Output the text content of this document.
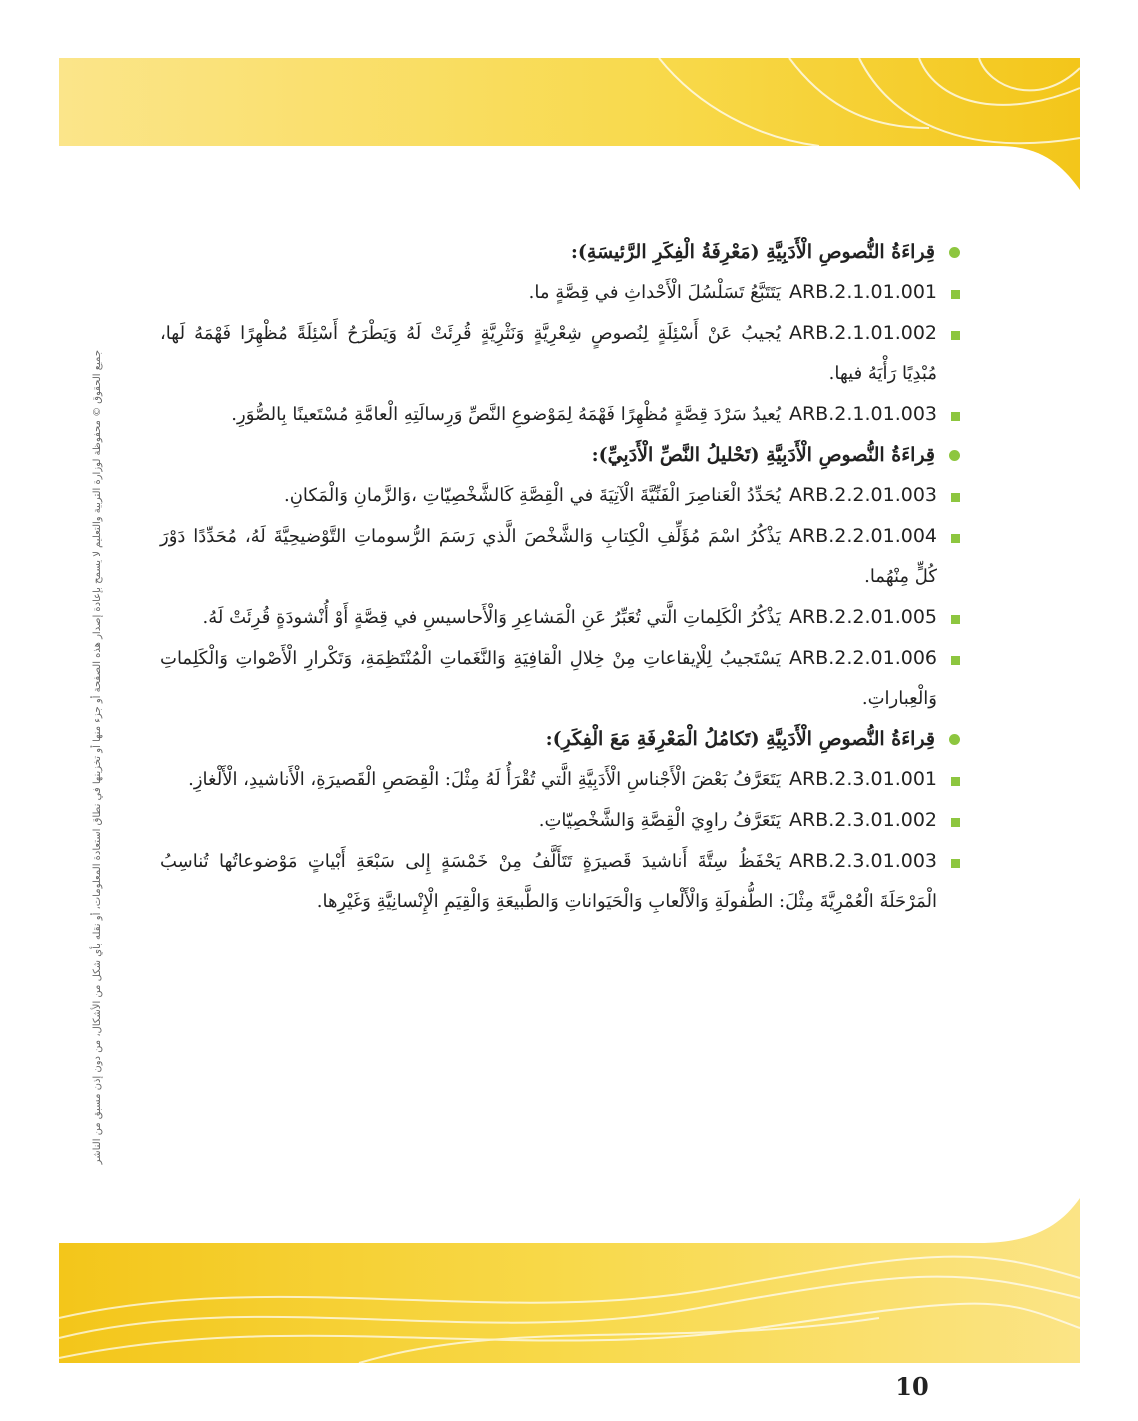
10
جميع الحقوق © محفوظة لوزارة التربية والتعليم لا يسمح بإعادة إصدار هذه الصفحة أو جزء منها أو تخزينها في نطاق استعادة المعلومات، أو نقله بأي شكل من الأشكال، من دون إذن مسبق من الناشر
قِراءَةُ النُّصوصِ الْأَدَبِيَّةِ (مَعْرِفَةُ الْفِكَرِ الرَّئيسَةِ):
ARB.2.1.01.001يَتَتَبَّعُ تَسَلْسُلَ الْأَحْداثِ في قِصَّةٍ ما.
ARB.2.1.01.002يُجيبُ عَنْ أَسْئِلَةٍ لِنُصوصٍ شِعْرِيَّةٍ وَنَثْرِيَّةٍ قُرِئَتْ لَهُ وَيَطْرَحُ أَسْئِلَةً مُظْهِرًا فَهْمَهُ لَها، مُبْدِيًا رَأْيَهُ فيها.
ARB.2.1.01.003يُعيدُ سَرْدَ قِصَّةٍ مُظْهِرًا فَهْمَهُ لِمَوْضوعِ النَّصِّ وَرِسالَتِهِ الْعامَّةِ مُسْتَعينًا بِالصُّوَرِ.
قِراءَةُ النُّصوصِ الْأَدَبِيَّةِ (تَحْليلُ النَّصِّ الْأَدَبِيِّ):
ARB.2.2.01.003يُحَدِّدُ الْعَناصِرَ الْفَنِّيَّةَ الْآتِيَةَ في الْقِصَّةِ كَالشَّخْصِيّاتِ ،وَالزَّمانِ وَالْمَكانِ.
ARB.2.2.01.004يَذْكُرُ اسْمَ مُؤَلِّفِ الْكِتابِ وَالشَّخْصَ الَّذي رَسَمَ الرُّسوماتِ التَّوْضيحِيَّةَ لَهُ، مُحَدِّدًا دَوْرَ كُلٍّ مِنْهُما.
ARB.2.2.01.005يَذْكُرُ الْكَلِماتِ الَّتي تُعَبِّرُ عَنِ الْمَشاعِرِ وَالْأَحاسيسِ في قِصَّةٍ أَوْ أُنْشودَةٍ قُرِئَتْ لَهُ.
ARB.2.2.01.006يَسْتَجيبُ لِلْإيقاعاتِ مِنْ خِلالِ الْقافِيَةِ وَالنَّغَماتِ الْمُنْتَظِمَةِ، وَتَكْرارِ الْأَصْواتِ وَالْكَلِماتِ وَالْعِباراتِ.
قِراءَةُ النُّصوصِ الْأَدَبِيَّةِ (تَكامُلُ الْمَعْرِفَةِ مَعَ الْفِكَرِ):
ARB.2.3.01.001يَتَعَرَّفُ بَعْضَ الْأَجْناسِ الْأَدَبِيَّةِ الَّتي تُقْرَأُ لَهُ مِثْلَ: الْقِصَصِ الْقَصيرَةِ، الْأَناشيدِ، الْأَلْغازِ.
ARB.2.3.01.002يَتَعَرَّفُ راوِيَ الْقِصَّةِ وَالشَّخْصِيّاتِ.
ARB.2.3.01.003يَحْفَظُ سِتَّةَ أَناشيدَ قَصيرَةٍ تَتَأَلَّفُ مِنْ خَمْسَةٍ إِلى سَبْعَةِ أَبْياتٍ مَوْضوعاتُها تُناسِبُ الْمَرْحَلَةَ الْعُمْرِيَّةَ مِثْلَ: الطُّفولَةِ وَالْأَلْعابِ وَالْحَيَواناتِ وَالطَّبيعَةِ وَالْقِيَمِ الْإِنْسانِيَّةِ وَغَيْرِها.
